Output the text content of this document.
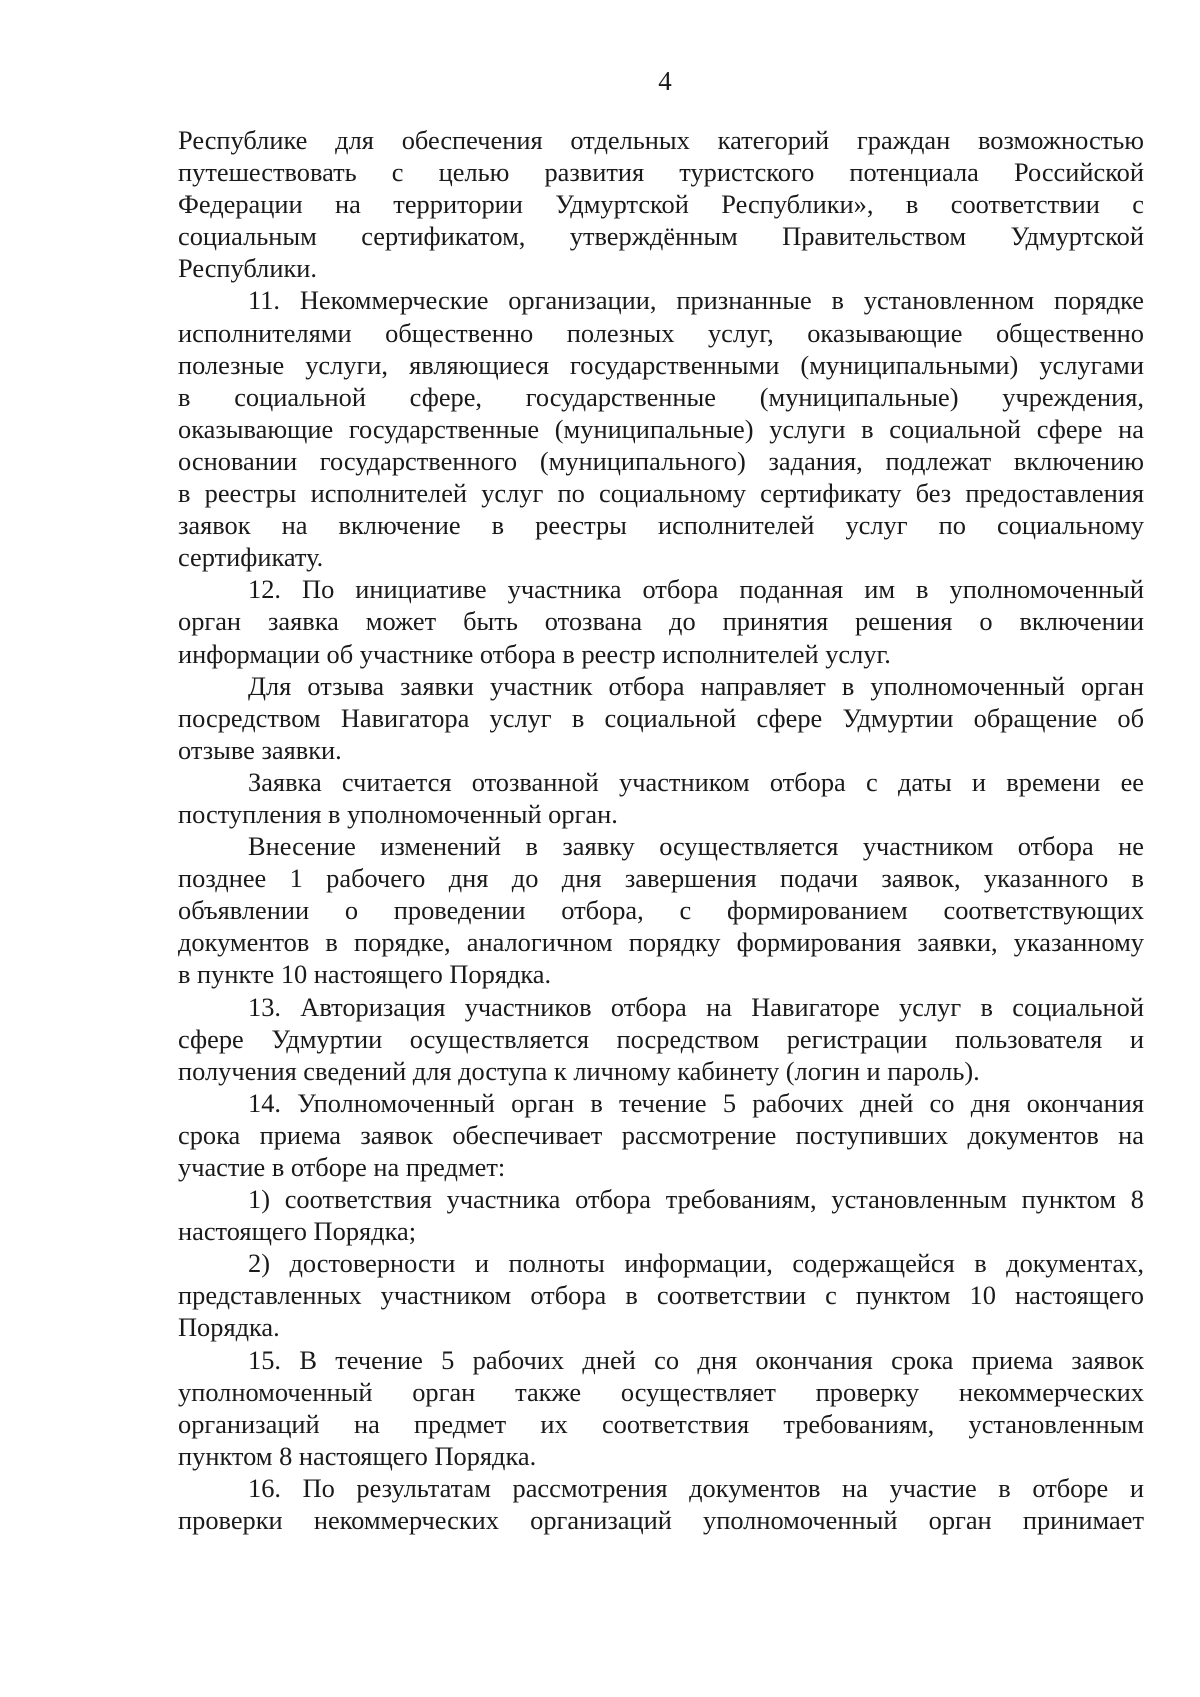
4

Республике для обеспечения отдельных категорий граждан возможностью
путешествовать с целью развития туристского потенциала Российской
Федерации на территории Удмуртской Республики», в соответствии с
социальным сертификатом, утверждённым Правительством Удмуртской
Республики.

11. Некоммерческие организации, признанные в установленном порядке
исполнителями общественно полезных услуг, оказывающие общественно
полезные услуги, являющиеся государственными (муниципальными) услугами
в социальной сфере, государственные (муниципальные) учреждения,
оказывающие государственные (муниципальные) услуги в социальной сфере на
основании государственного (муниципального) задания, подлежат включению
в реестры исполнителей услуг по социальному сертификату без предоставления
заявок на включение в реестры исполнителей услуг по социальному
сертификату.

12. По инициативе участника отбора поданная им в уполномоченный
орган заявка может быть отозвана до принятия решения о включении
информации об участнике отбора в реестр исполнителей услуг.

Для отзыва заявки участник отбора направляет в уполномоченный орган
посредством Навигатора услуг в социальной сфере Удмуртии обращение об
отзыве заявки.

Заявка считается отозванной участником отбора с даты и времени ее
поступления в уполномоченный орган.

Внесение изменений в заявку осуществляется участником отбора не
позднее 1 рабочего дня до дня завершения подачи заявок, указанного в
объявлении о проведении отбора, с формированием соответствующих
документов в порядке, аналогичном порядку формирования заявки, указанному
в пункте 10 настоящего Порядка.

13. Авторизация участников отбора на Навигаторе услуг в социальной
сфере Удмуртии осуществляется посредством регистрации пользователя и
получения сведений для доступа к личному кабинету (логин и пароль).

14. Уполномоченный орган в течение 5 рабочих дней со дня окончания
срока приема заявок обеспечивает рассмотрение поступивших документов на
участие в отборе на предмет:

1) соответствия участника отбора требованиям, установленным пунктом 8
настоящего Порядка;

2) достоверности и полноты информации, содержащейся в документах,
представленных участником отбора в соответствии с пунктом 10 настоящего
Порядка.

15. В течение 5 рабочих дней со дня окончания срока приема заявок
уполномоченный орган также осуществляет проверку некоммерческих
организаций на предмет их соответствия требованиям, установленным
пунктом 8 настоящего Порядка.

16. По результатам рассмотрения документов на участие в отборе и
проверки некоммерческих организаций уполномоченный орган принимает
